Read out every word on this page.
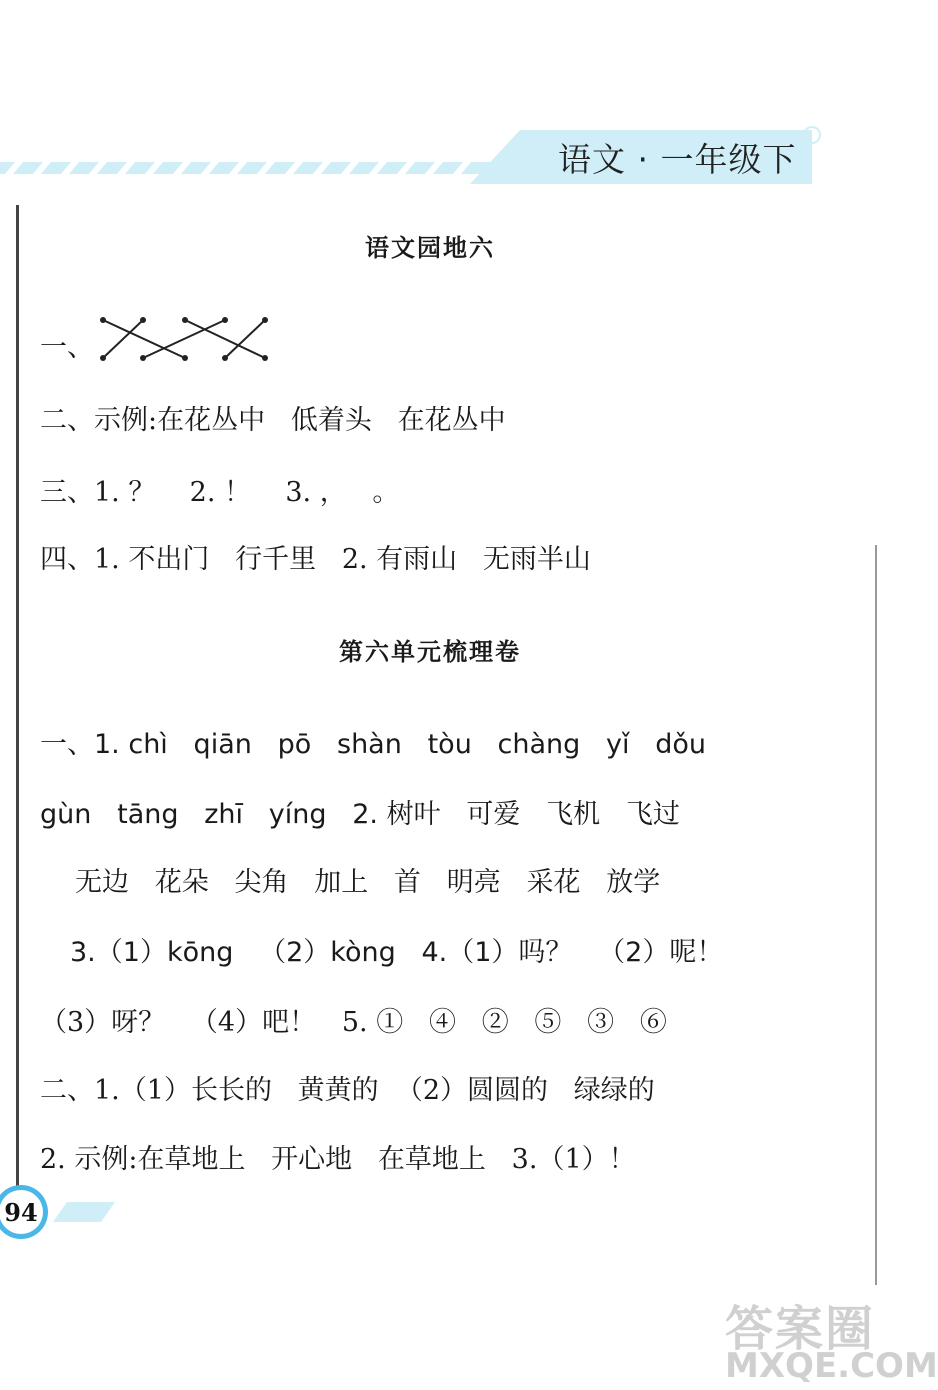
语文 · 一年级下
语文园地六
一、
二、示例:在花丛中   低着头   在花丛中
三、1. ？    2. ！    3. ，   。
四、1. 不出门   行千里   2. 有雨山   无雨半山
第六单元梳理卷
一、1. chì   qiān   pō   shàn   tòu   chàng   yǐ   dǒu
gùn   tāng   zhī   yíng   2. 树叶   可爱   飞机   飞过
无边   花朵   尖角   加上   首   明亮   采花   放学
3.（1）kōng   （2）kòng   4.（1）吗？   （2）呢！
（3）呀？   （4）吧！   5. ①   ④   ②   ⑤   ③   ⑥
二、1.（1）长长的   黄黄的  （2）圆圆的   绿绿的
2. 示例:在草地上   开心地   在草地上   3.（1）！
94
答案圈
MXQE.COM
